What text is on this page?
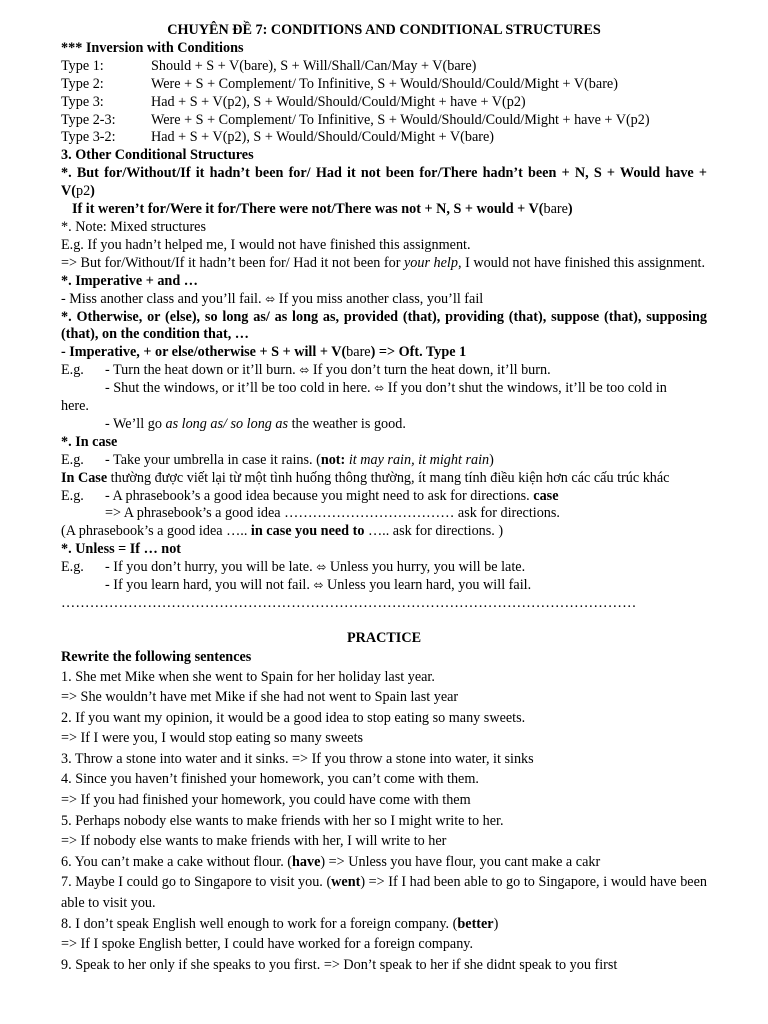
CHUYÊN ĐỀ 7: CONDITIONS AND CONDITIONAL STRUCTURES
*** Inversion with Conditions
Type 1:	Should + S + V(bare), S + Will/Shall/Can/May + V(bare)
Type 2:	Were + S + Complement/ To Infinitive, S + Would/Should/Could/Might + V(bare)
Type 3:	Had + S + V(p2), S + Would/Should/Could/Might + have + V(p2)
Type 2-3:	Were + S + Complement/ To Infinitive, S + Would/Should/Could/Might + have + V(p2)
Type 3-2:	Had + S + V(p2), S + Would/Should/Could/Might + V(bare)
3. Other Conditional Structures
*. But for/Without/If it hadn’t been for/ Had it not been for/There hadn’t been + N, S + Would have + V(p2)
If it weren’t for/Were it for/There were not/There was not + N, S + would + V(bare)
*. Note: Mixed structures
E.g. If you hadn’t helped me, I would not have finished this assignment.
=> But for/Without/If it hadn’t been for/ Had it not been for your help, I would not have finished this assignment.
*. Imperative + and …
- Miss another class and you’ll fail. ⬄ If you miss another class, you’ll fail
*. Otherwise, or (else), so long as/ as long as, provided (that), providing (that), suppose (that), supposing (that), on the condition that, …
- Imperative, + or else/otherwise + S + will + V(bare) => Oft. Type 1
E.g.	- Turn the heat down or it’ll burn. ⬄ If you don’t turn the heat down, it’ll burn.
- Shut the windows, or it’ll be too cold in here. ⬄ If you don’t shut the windows, it’ll be too cold in
here.
- We’ll go as long as/ so long as the weather is good.
*. In case
E.g.	- Take your umbrella in case it rains. (not: it may rain, it might rain)
In Case thường được viết lại từ một tình huống thông thường, ít mang tính điều kiện hơn các cấu trúc khác
E.g.	- A phrasebook’s a good idea because you might need to ask for directions. case
=> A phrasebook’s a good idea ……………………………… ask for directions.
(A phrasebook’s a good idea ….. in case you need to ….. ask for directions. )
*. Unless = If … not
E.g.	- If you don’t hurry, you will be late. ⬄ Unless you hurry, you will be late.
- If you learn hard, you will not fail. ⬄ Unless you learn hard, you will fail.
…………………………………………………………………………………………………………
PRACTICE
Rewrite the following sentences
1. She met Mike when she went to Spain for her holiday last year.
=> She wouldn’t have met Mike if she had not went to Spain last year
2. If you want my opinion, it would be a good idea to stop eating so many sweets.
=> If I were you, I would stop eating so many sweets
3. Throw a stone into water and it sinks. => If you throw a stone into water, it sinks
4. Since you haven’t finished your homework, you can’t come with them.
=> If you had finished your homework, you could have come with them
5. Perhaps nobody else wants to make friends with her so I might write to her.
=> If nobody else wants to make friends with her, I will write to her
6. You can’t make a cake without flour. (have) => Unless you have flour, you cant make a cakr
7. Maybe I could go to Singapore to visit you. (went) => If I had been able to go to Singapore, i would have been able to visit you.
8. I don’t speak English well enough to work for a foreign company. (better)
=> If I spoke English better, I could have worked for a foreign company.
9. Speak to her only if she speaks to you first. => Don’t speak to her if she didnt speak to you first
